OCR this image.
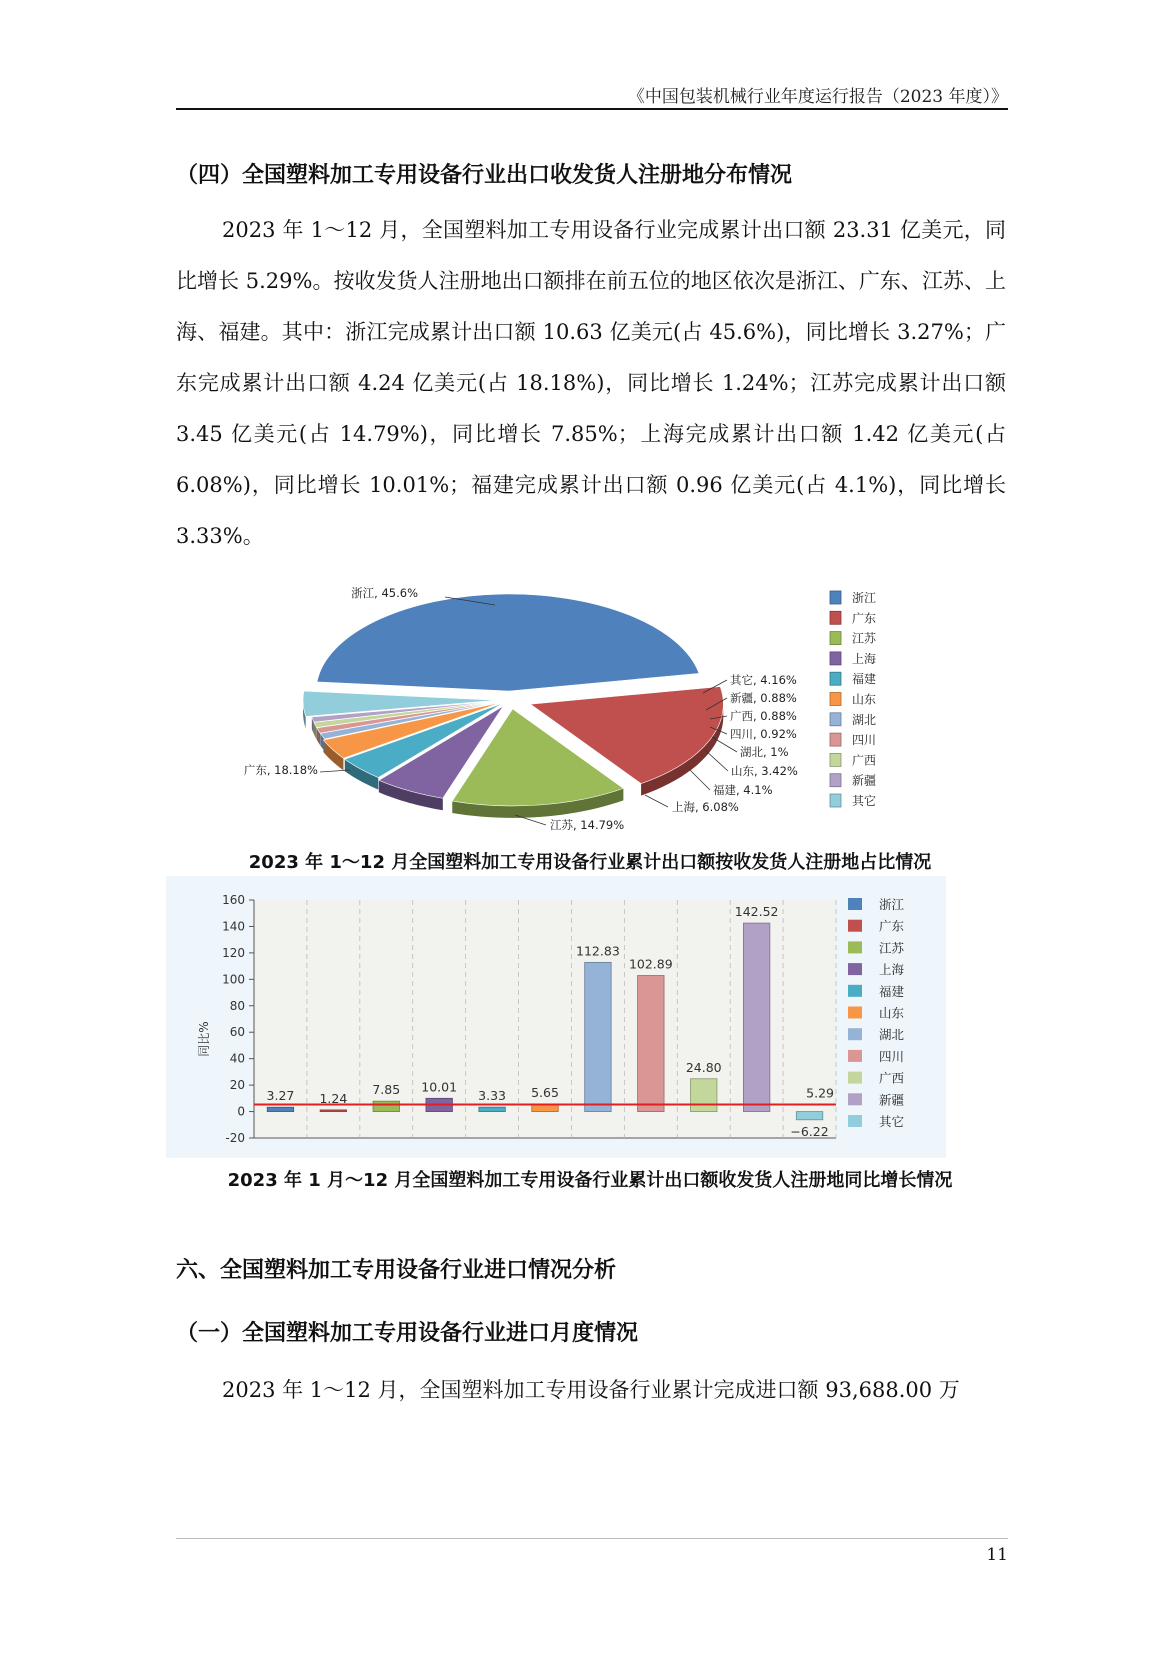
《中国包装机械行业年度运行报告（2023 年度）》
（四）全国塑料加工专用设备行业出口收发货人注册地分布情况

2023 年 1～12 月，全国塑料加工专用设备行业完成累计出口额 23.31 亿美元，同比增长 5.29%。按收发货人注册地出口额排在前五位的地区依次是浙江、广东、江苏、上海、福建。其中：浙江完成累计出口额 10.63 亿美元(占 45.6%)，同比增长 3.27%；广东完成累计出口额 4.24 亿美元(占 18.18%)，同比增长 1.24%；江苏完成累计出口额 3.45 亿美元(占 14.79%)，同比增长 7.85%；上海完成累计出口额 1.42 亿美元(占 6.08%)，同比增长 10.01%；福建完成累计出口额 0.96 亿美元(占 4.1%)，同比增长 3.33%。

浙江, 45.6%
广东, 18.18%
江苏, 14.79%
上海, 6.08%
福建, 4.1%
山东, 3.42%
湖北, 1%
四川, 0.92%
广西, 0.88%
新疆, 0.88%
其它, 4.16%
浙江
广东
江苏
上海
福建
山东
湖北
四川
广西
新疆
其它
2023 年 1～12 月全国塑料加工专用设备行业累计出口额按收发货人注册地占比情况
160
140
120
100
80
60
40
20
0
-20
同比%
3.27 1.24
7.85 10.01
3.33 5.65
112.83
102.89
24.80
142.52
−6.22
5.29
浙江
广东
江苏
上海
福建
山东
湖北
四川
广西
新疆
其它
2023 年 1 月～12 月全国塑料加工专用设备行业累计出口额收发货人注册地同比增长情况
六、全国塑料加工专用设备行业进口情况分析
（一）全国塑料加工专用设备行业进口月度情况

2023 年 1～12 月，全国塑料加工专用设备行业累计完成进口额 93,688.00 万

11
